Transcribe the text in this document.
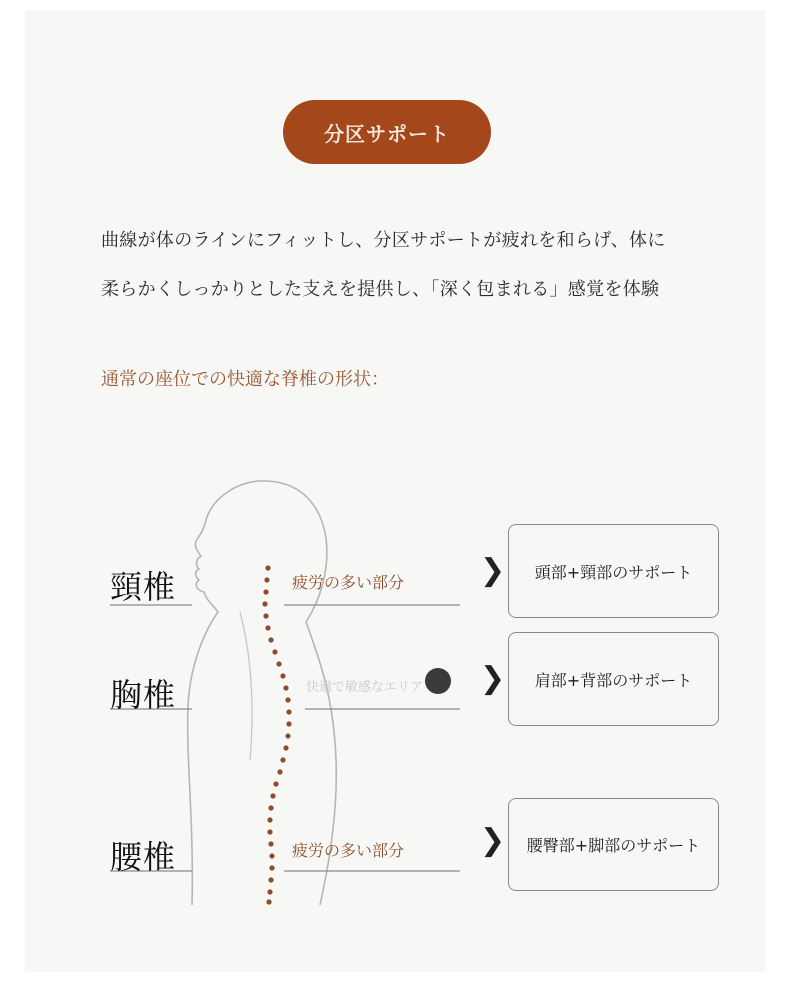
分区サポート
曲線が体のラインにフィットし、分区サポートが疲れを和らげ、体に
柔らかくしっかりとした支えを提供し、「深く包まれる」感覚を体験
通常の座位での快適な脊椎の形状：
頸椎
胸椎
腰椎
疲労の多い部分
快適で敏感なエリア
疲労の多い部分
❯
❯
❯
頭部+頸部のサポート
肩部+背部のサポート
腰臀部+脚部のサポート
